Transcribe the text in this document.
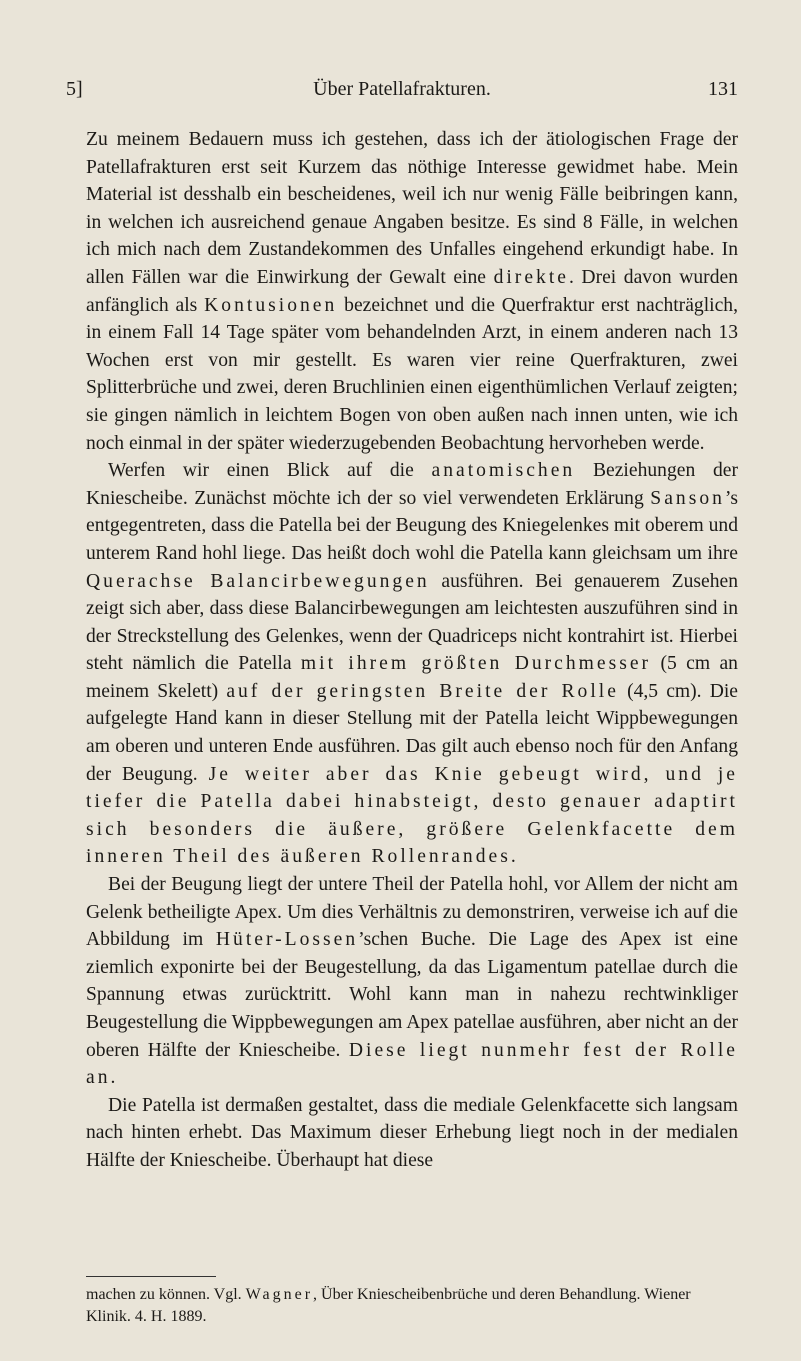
5]	Über Patellafrakturen.	131

Zu meinem Bedauern muss ich gestehen, dass ich der ätiologischen Frage der Patellafrakturen erst seit Kurzem das nöthige Interesse gewidmet habe. Mein Material ist desshalb ein bescheidenes, weil ich nur wenig Fälle beibringen kann, in welchen ich ausreichend genaue Angaben besitze. Es sind 8 Fälle, in welchen ich mich nach dem Zustandekommen des Unfalles eingehend erkundigt habe. In allen Fällen war die Einwirkung der Gewalt eine direkte. Drei davon wurden anfänglich als Kontusionen bezeichnet und die Querfraktur erst nachträglich, in einem Fall 14 Tage später vom behandelnden Arzt, in einem anderen nach 13 Wochen erst von mir gestellt. Es waren vier reine Querfrakturen, zwei Splitterbrüche und zwei, deren Bruchlinien einen eigenthümlichen Verlauf zeigten; sie gingen nämlich in leichtem Bogen von oben außen nach innen unten, wie ich noch einmal in der später wiederzugebenden Beobachtung hervorheben werde.

Werfen wir einen Blick auf die anatomischen Beziehungen der Kniescheibe. Zunächst möchte ich der so viel verwendeten Erklärung Sanson’s entgegentreten, dass die Patella bei der Beugung des Kniegelenkes mit oberem und unterem Rand hohl liege. Das heißt doch wohl die Patella kann gleichsam um ihre Querachse Balancirbewegungen ausführen. Bei genauerem Zusehen zeigt sich aber, dass diese Balancirbewegungen am leichtesten auszuführen sind in der Streckstellung des Gelenkes, wenn der Quadriceps nicht kontrahirt ist. Hierbei steht nämlich die Patella mit ihrem größten Durchmesser (5 cm an meinem Skelett) auf der geringsten Breite der Rolle (4,5 cm). Die aufgelegte Hand kann in dieser Stellung mit der Patella leicht Wippbewegungen am oberen und unteren Ende ausführen. Das gilt auch ebenso noch für den Anfang der Beugung. Je weiter aber das Knie gebeugt wird, und je tiefer die Patella dabei hinabsteigt, desto genauer adaptirt sich besonders die äußere, größere Gelenkfacette dem inneren Theil des äußeren Rollenrandes.

Bei der Beugung liegt der untere Theil der Patella hohl, vor Allem der nicht am Gelenk betheiligte Apex. Um dies Verhältnis zu demonstriren, verweise ich auf die Abbildung im Hüter-Lossen’schen Buche. Die Lage des Apex ist eine ziemlich exponirte bei der Beugestellung, da das Ligamentum patellae durch die Spannung etwas zurücktritt. Wohl kann man in nahezu rechtwinkliger Beugestellung die Wippbewegungen am Apex patellae ausführen, aber nicht an der oberen Hälfte der Kniescheibe. Diese liegt nunmehr fest der Rolle an.

Die Patella ist dermaßen gestaltet, dass die mediale Gelenkfacette sich langsam nach hinten erhebt. Das Maximum dieser Erhebung liegt noch in der medialen Hälfte der Kniescheibe. Überhaupt hat diese

machen zu können. Vgl. Wagner, Über Kniescheibenbrüche und deren Behandlung. Wiener Klinik. 4. H. 1889.
